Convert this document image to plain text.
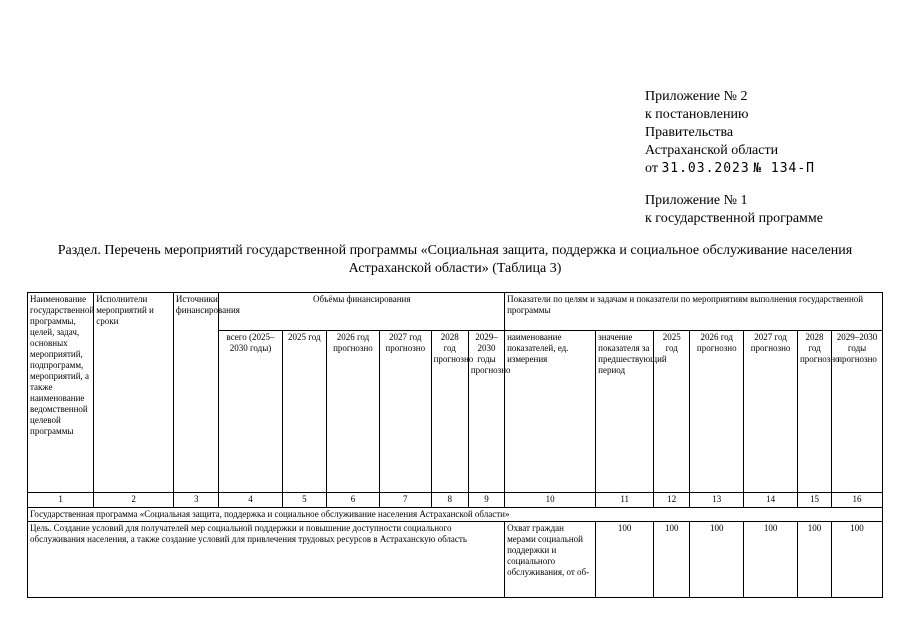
Приложение № 2
к постановлению
Правительства
Астраханской области
от 31.03.2023 № 134-П
Приложение № 1
к государственной программе
Раздел. Перечень мероприятий государственной программы «Социальная защита, поддержка и социальное обслуживание населения Астраханской области» (Таблица 3)
Наименование государственной программы, целей, задач, основных мероприятий, подпрограмм, мероприятий, а также наименование ведомственной целевой программы	Исполнители мероприятий и сроки	Источники финансирования	Объёмы финансирования						Показатели по целям и задачам и показатели по мероприятиям выполнения государственной программы						
			всего (2025–2030 годы)	2025 год	2026 год прогнозно	2027 год прогнозно	2028 год прогнозно	2029–2030 годы прогнозно	наименование показателей, ед. измерения	значение показателя за предшествующий период	2025 год	2026 год прогнозно	2027 год прогнозно	2028 год прогнозно	2029–2030 годы прогнозно
1	2	3	4	5	6	7	8	9	10	11	12	13	14	15	16
Государственная программа «Социальная защита, поддержка и социальное обслуживание населения Астраханской области»															
Цель. Создание условий для получателей мер социальной поддержки и повышение доступности социального обслуживания населения, а также создание условий для привлечения трудовых ресурсов в Астраханскую область									Охват граждан мерами социальной поддержки и социального обслуживания, от об-	100	100	100	100	100	100
